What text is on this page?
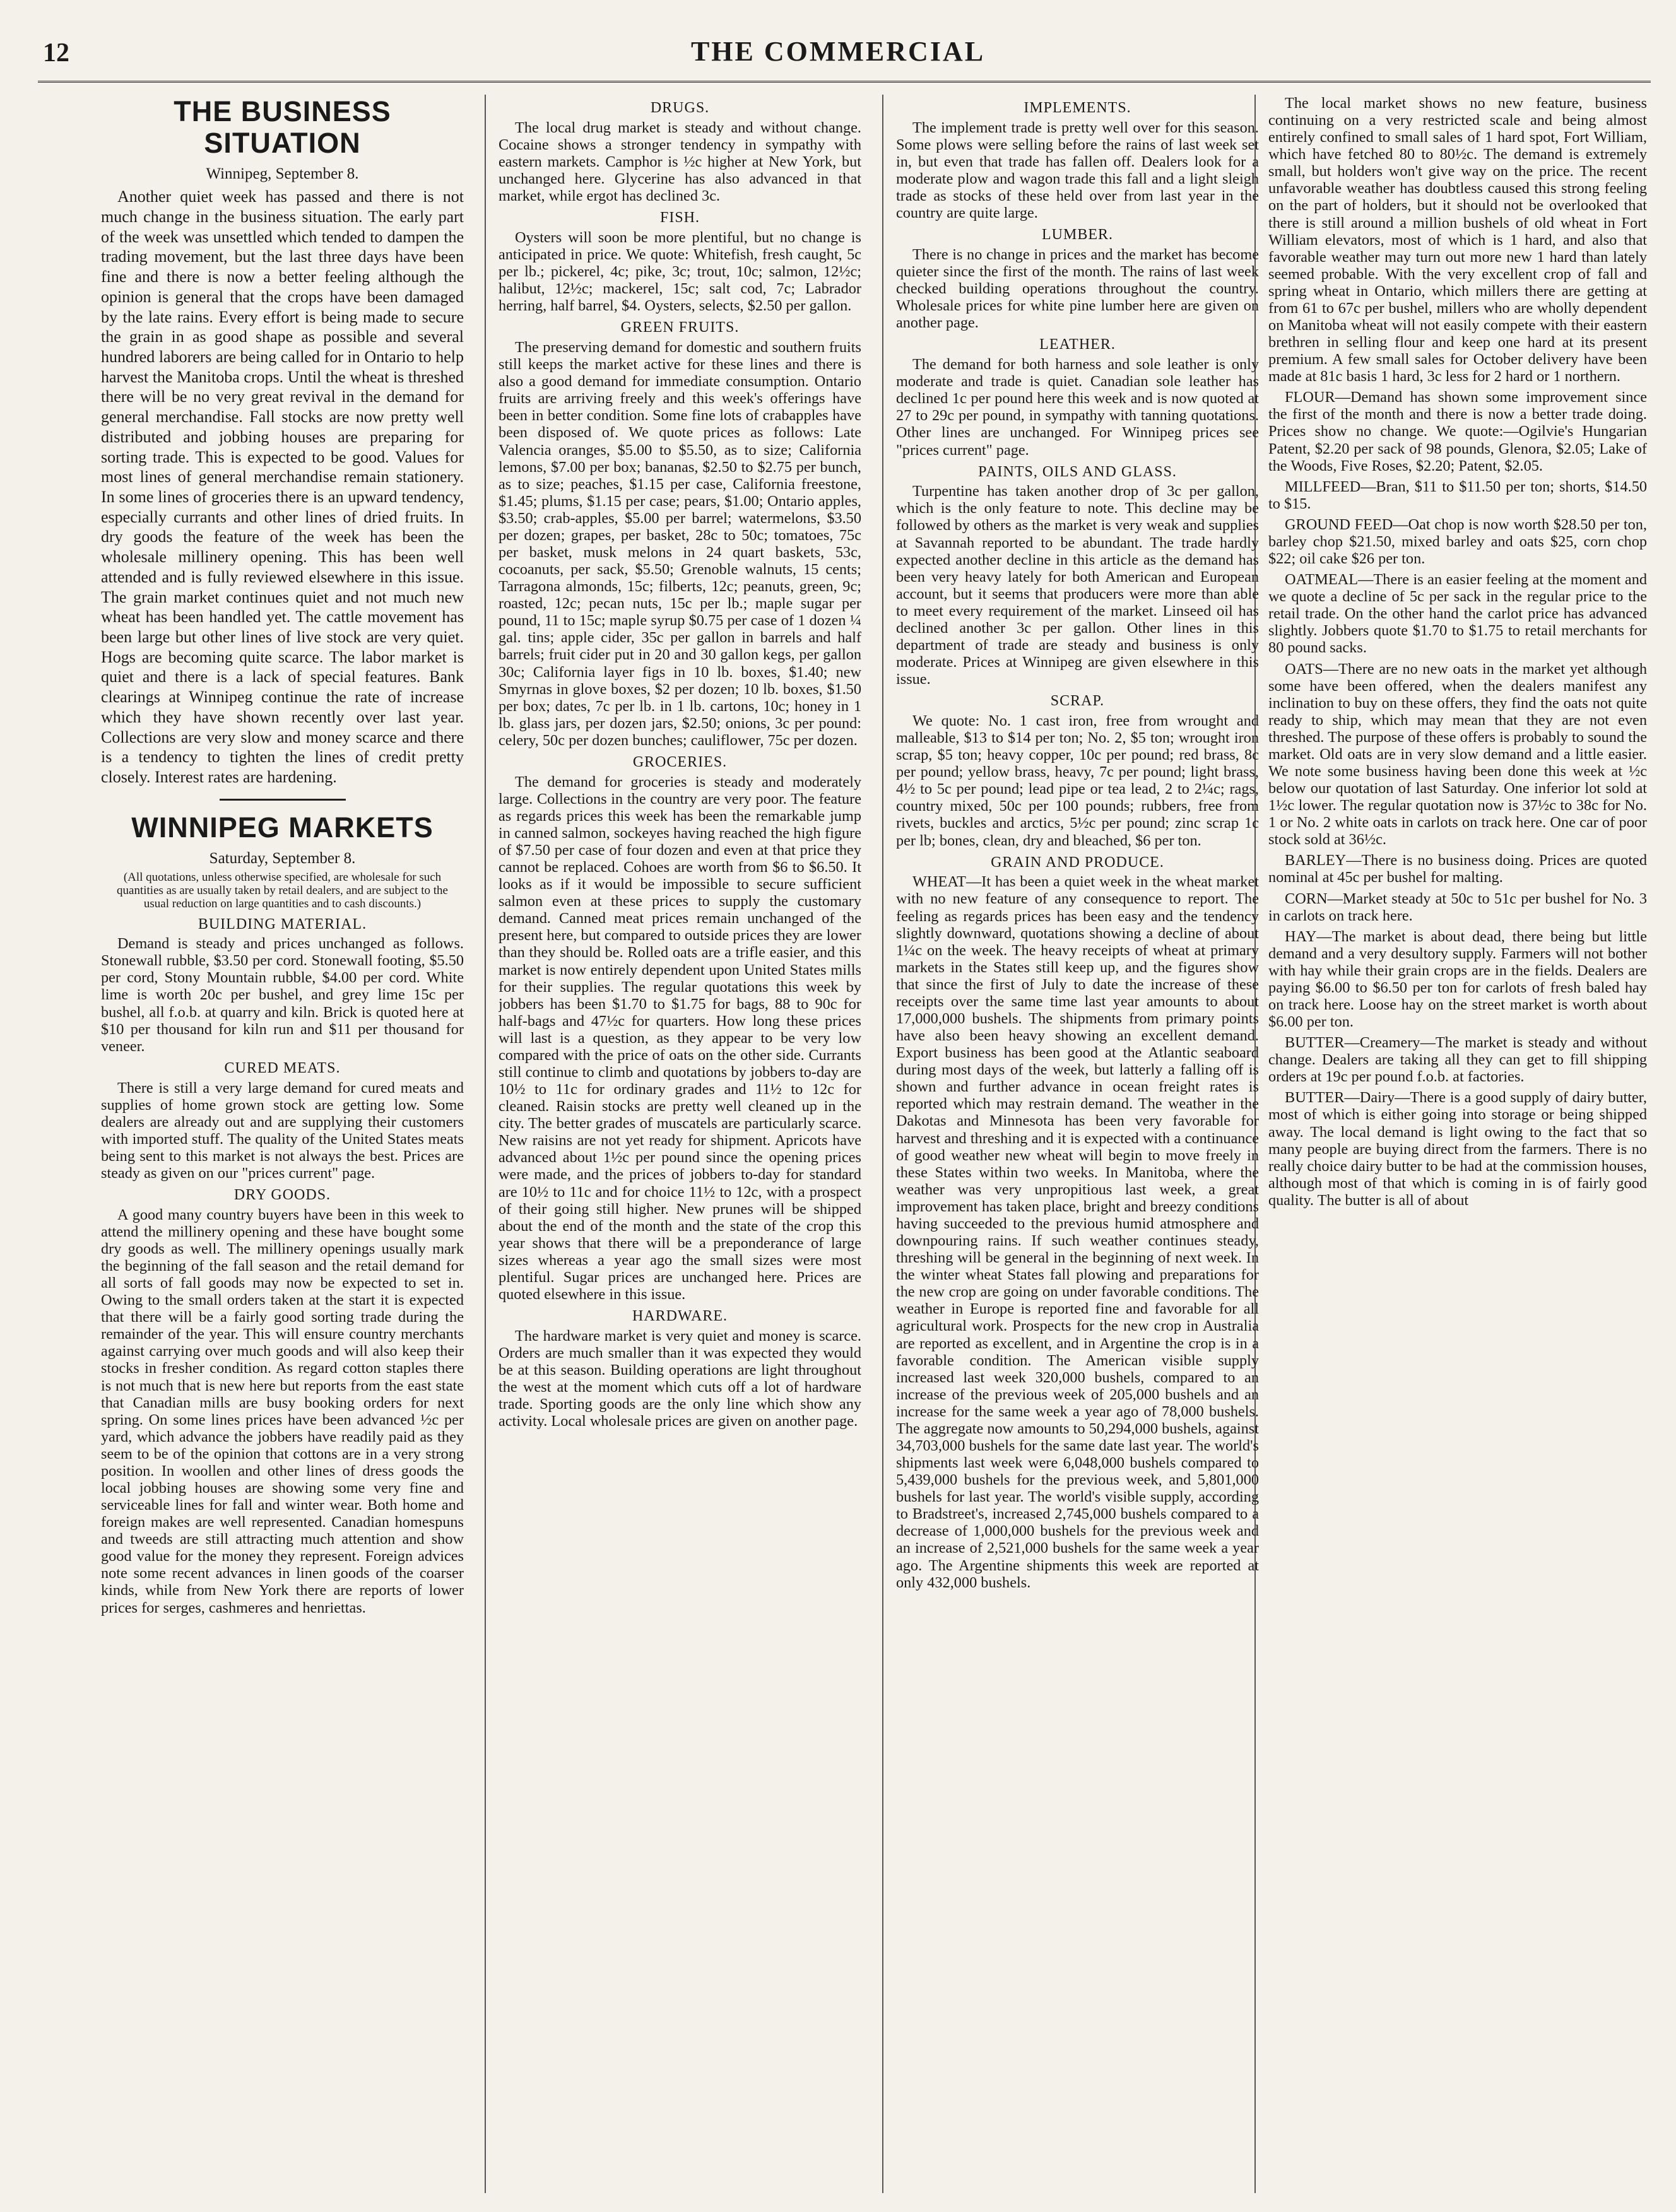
12	THE COMMERCIAL
THE BUSINESS SITUATION
Winnipeg, September 8.

Another quiet week has passed and there is not much change in the business situation. The early part of the week was unsettled which tended to dampen the trading movement, but the last three days have been fine and there is now a better feeling although the opinion is general that the crops have been damaged by the late rains. Every effort is being made to secure the grain in as good shape as possible and several hundred laborers are being called for in Ontario to help harvest the Manitoba crops. Until the wheat is threshed there will be no very great revival in the demand for general merchandise. Fall stocks are now pretty well distributed and jobbing houses are preparing for sorting trade. This is expected to be good. Values for most lines of general merchandise remain stationery. In some lines of groceries there is an upward tendency, especially currants and other lines of dried fruits. In dry goods the feature of the week has been the wholesale millinery opening. This has been well attended and is fully reviewed elsewhere in this issue. The grain market continues quiet and not much new wheat has been handled yet. The cattle movement has been large but other lines of live stock are very quiet. Hogs are becoming quite scarce. The labor market is quiet and there is a lack of special features. Bank clearings at Winnipeg continue the rate of increase which they have shown recently over last year. Collections are very slow and money scarce and there is a tendency to tighten the lines of credit pretty closely. Interest rates are hardening.

WINNIPEG MARKETS
Saturday, September 8.
(All quotations, unless otherwise specified, are wholesale for such quantities as are usually taken by retail dealers, and are subject to the usual reduction on large quantities and to cash discounts.)
BUILDING MATERIAL.

Demand is steady and prices unchanged as follows. Stonewall rubble, $3.50 per cord. Stonewall footing, $5.50 per cord, Stony Mountain rubble, $4.00 per cord. White lime is worth 20c per bushel, and grey lime 15c per bushel, all f.o.b. at quarry and kiln. Brick is quoted here at $10 per thousand for kiln run and $11 per thousand for veneer.

CURED MEATS.

There is still a very large demand for cured meats and supplies of home grown stock are getting low. Some dealers are already out and are supplying their customers with imported stuff. The quality of the United States meats being sent to this market is not always the best. Prices are steady as given on our "prices current" page.

DRY GOODS.

A good many country buyers have been in this week to attend the millinery opening and these have bought some dry goods as well. The millinery openings usually mark the beginning of the fall season and the retail demand for all sorts of fall goods may now be expected to set in. Owing to the small orders taken at the start it is expected that there will be a fairly good sorting trade during the remainder of the year. This will ensure country merchants against carrying over much goods and will also keep their stocks in fresher condition. As regard cotton staples there is not much that is new here but reports from the east state that Canadian mills are busy booking orders for next spring. On some lines prices have been advanced ½c per yard, which advance the jobbers have readily paid as they seem to be of the opinion that cottons are in a very strong position. In woollen and other lines of dress goods the local jobbing houses are showing some very fine and serviceable lines for fall and winter wear. Both home and foreign makes are well represented. Canadian homespuns and tweeds are still attracting much attention and show good value for the money they represent. Foreign advices note some recent advances in linen goods of the coarser kinds, while from New York there are reports of lower prices for serges, cashmeres and henriettas.

DRUGS.

The local drug market is steady and without change. Cocaine shows a stronger tendency in sympathy with eastern markets. Camphor is ½c higher at New York, but unchanged here. Glycerine has also advanced in that market, while ergot has declined 3c.

FISH.

Oysters will soon be more plentiful, but no change is anticipated in price. We quote: Whitefish, fresh caught, 5c per lb.; pickerel, 4c; pike, 3c; trout, 10c; salmon, 12½c; halibut, 12½c; mackerel, 15c; salt cod, 7c; Labrador herring, half barrel, $4. Oysters, selects, $2.50 per gallon.

GREEN FRUITS.

The preserving demand for domestic and southern fruits still keeps the market active for these lines and there is also a good demand for immediate consumption. Ontario fruits are arriving freely and this week's offerings have been in better condition. Some fine lots of crabapples have been disposed of. We quote prices as follows: Late Valencia oranges, $5.00 to $5.50, as to size; California lemons, $7.00 per box; bananas, $2.50 to $2.75 per bunch, as to size; peaches, $1.15 per case, California freestone, $1.45; plums, $1.15 per case; pears, $1.00; Ontario apples, $3.50; crab-apples, $5.00 per barrel; watermelons, $3.50 per dozen; grapes, per basket, 28c to 50c; tomatoes, 75c per basket, musk melons in 24 quart baskets, 53c, cocoanuts, per sack, $5.50; Grenoble walnuts, 15 cents; Tarragona almonds, 15c; filberts, 12c; peanuts, green, 9c; roasted, 12c; pecan nuts, 15c per lb.; maple sugar per pound, 11 to 15c; maple syrup $0.75 per case of 1 dozen ¼ gal. tins; apple cider, 35c per gallon in barrels and half barrels; fruit cider put in 20 and 30 gallon kegs, per gallon 30c; California layer figs in 10 lb. boxes, $1.40; new Smyrnas in glove boxes, $2 per dozen; 10 lb. boxes, $1.50 per box; dates, 7c per lb. in 1 lb. cartons, 10c; honey in 1 lb. glass jars, per dozen jars, $2.50; onions, 3c per pound: celery, 50c per dozen bunches; cauliflower, 75c per dozen.

GROCERIES.

The demand for groceries is steady and moderately large. Collections in the country are very poor. The feature as regards prices this week has been the remarkable jump in canned salmon, sockeyes having reached the high figure of $7.50 per case of four dozen and even at that price they cannot be replaced. Cohoes are worth from $6 to $6.50. It looks as if it would be impossible to secure sufficient salmon even at these prices to supply the customary demand. Canned meat prices remain unchanged of the present here, but compared to outside prices they are lower than they should be. Rolled oats are a trifle easier, and this market is now entirely dependent upon United States mills for their supplies. The regular quotations this week by jobbers has been $1.70 to $1.75 for bags, 88 to 90c for half-bags and 47½c for quarters. How long these prices will last is a question, as they appear to be very low compared with the price of oats on the other side. Currants still continue to climb and quotations by jobbers to-day are 10½ to 11c for ordinary grades and 11½ to 12c for cleaned. Raisin stocks are pretty well cleaned up in the city. The better grades of muscatels are particularly scarce. New raisins are not yet ready for shipment. Apricots have advanced about 1½c per pound since the opening prices were made, and the prices of jobbers to-day for standard are 10½ to 11c and for choice 11½ to 12c, with a prospect of their going still higher. New prunes will be shipped about the end of the month and the state of the crop this year shows that there will be a preponderance of large sizes whereas a year ago the small sizes were most plentiful. Sugar prices are unchanged here. Prices are quoted elsewhere in this issue.

HARDWARE.

The hardware market is very quiet and money is scarce. Orders are much smaller than it was expected they would be at this season. Building operations are light throughout the west at the moment which cuts off a lot of hardware trade. Sporting goods are the only line which show any activity. Local wholesale prices are given on another page.

IMPLEMENTS.

The implement trade is pretty well over for this season. Some plows were selling before the rains of last week set in, but even that trade has fallen off. Dealers look for a moderate plow and wagon trade this fall and a light sleigh trade as stocks of these held over from last year in the country are quite large.

LUMBER.

There is no change in prices and the market has become quieter since the first of the month. The rains of last week checked building operations throughout the country. Wholesale prices for white pine lumber here are given on another page.

LEATHER.

The demand for both harness and sole leather is only moderate and trade is quiet. Canadian sole leather has declined 1c per pound here this week and is now quoted at 27 to 29c per pound, in sympathy with tanning quotations. Other lines are unchanged. For Winnipeg prices see "prices current" page.

PAINTS, OILS AND GLASS.

Turpentine has taken another drop of 3c per gallon, which is the only feature to note. This decline may be followed by others as the market is very weak and supplies at Savannah reported to be abundant. The trade hardly expected another decline in this article as the demand has been very heavy lately for both American and European account, but it seems that producers were more than able to meet every requirement of the market. Linseed oil has declined another 3c per gallon. Other lines in this department of trade are steady and business is only moderate. Prices at Winnipeg are given elsewhere in this issue.

SCRAP.

We quote: No. 1 cast iron, free from wrought and malleable, $13 to $14 per ton; No. 2, $5 ton; wrought iron scrap, $5 ton; heavy copper, 10c per pound; red brass, 8c per pound; yellow brass, heavy, 7c per pound; light brass, 4½ to 5c per pound; lead pipe or tea lead, 2 to 2¼c; rags, country mixed, 50c per 100 pounds; rubbers, free from rivets, buckles and arctics, 5½c per pound; zinc scrap 1c per lb; bones, clean, dry and bleached, $6 per ton.

GRAIN AND PRODUCE.

WHEAT—It has been a quiet week in the wheat market with no new feature of any consequence to report. The feeling as regards prices has been easy and the tendency slightly downward, quotations showing a decline of about 1¼c on the week. The heavy receipts of wheat at primary markets in the States still keep up, and the figures show that since the first of July to date the increase of these receipts over the same time last year amounts to about 17,000,000 bushels. The shipments from primary points have also been heavy showing an excellent demand. Export business has been good at the Atlantic seaboard during most days of the week, but latterly a falling off is shown and further advance in ocean freight rates is reported which may restrain demand. The weather in the Dakotas and Minnesota has been very favorable for harvest and threshing and it is expected with a continuance of good weather new wheat will begin to move freely in these States within two weeks. In Manitoba, where the weather was very unpropitious last week, a great improvement has taken place, bright and breezy conditions having succeeded to the previous humid atmosphere and downpouring rains. If such weather continues steady, threshing will be general in the beginning of next week. In the winter wheat States fall plowing and preparations for the new crop are going on under favorable conditions. The weather in Europe is reported fine and favorable for all agricultural work. Prospects for the new crop in Australia are reported as excellent, and in Argentine the crop is in a favorable condition. The American visible supply increased last week 320,000 bushels, compared to an increase of the previous week of 205,000 bushels and an increase for the same week a year ago of 78,000 bushels. The aggregate now amounts to 50,294,000 bushels, against 34,703,000 bushels for the same date last year. The world's shipments last week were 6,048,000 bushels compared to 5,439,000 bushels for the previous week, and 5,801,000 bushels for last year. The world's visible supply, according to Bradstreet's, increased 2,745,000 bushels compared to a decrease of 1,000,000 bushels for the previous week and an increase of 2,521,000 bushels for the same week a year ago. The Argentine shipments this week are reported at only 432,000 bushels.

The local market shows no new feature, business continuing on a very restricted scale and being almost entirely confined to small sales of 1 hard spot, Fort William, which have fetched 80 to 80½c. The demand is extremely small, but holders won't give way on the price. The recent unfavorable weather has doubtless caused this strong feeling on the part of holders, but it should not be overlooked that there is still around a million bushels of old wheat in Fort William elevators, most of which is 1 hard, and also that favorable weather may turn out more new 1 hard than lately seemed probable. With the very excellent crop of fall and spring wheat in Ontario, which millers there are getting at from 61 to 67c per bushel, millers who are wholly dependent on Manitoba wheat will not easily compete with their eastern brethren in selling flour and keep one hard at its present premium. A few small sales for October delivery have been made at 81c basis 1 hard, 3c less for 2 hard or 1 northern.

FLOUR—Demand has shown some improvement since the first of the month and there is now a better trade doing. Prices show no change. We quote:—Ogilvie's Hungarian Patent, $2.20 per sack of 98 pounds, Glenora, $2.05; Lake of the Woods, Five Roses, $2.20; Patent, $2.05.

MILLFEED—Bran, $11 to $11.50 per ton; shorts, $14.50 to $15.

GROUND FEED—Oat chop is now worth $28.50 per ton, barley chop $21.50, mixed barley and oats $25, corn chop $22; oil cake $26 per ton.

OATMEAL—There is an easier feeling at the moment and we quote a decline of 5c per sack in the regular price to the retail trade. On the other hand the carlot price has advanced slightly. Jobbers quote $1.70 to $1.75 to retail merchants for 80 pound sacks.

OATS—There are no new oats in the market yet although some have been offered, when the dealers manifest any inclination to buy on these offers, they find the oats not quite ready to ship, which may mean that they are not even threshed. The purpose of these offers is probably to sound the market. Old oats are in very slow demand and a little easier. We note some business having been done this week at ½c below our quotation of last Saturday. One inferior lot sold at 1½c lower. The regular quotation now is 37½c to 38c for No. 1 or No. 2 white oats in carlots on track here. One car of poor stock sold at 36½c.

BARLEY—There is no business doing. Prices are quoted nominal at 45c per bushel for malting.

CORN—Market steady at 50c to 51c per bushel for No. 3 in carlots on track here.

HAY—The market is about dead, there being but little demand and a very desultory supply. Farmers will not bother with hay while their grain crops are in the fields. Dealers are paying $6.00 to $6.50 per ton for carlots of fresh baled hay on track here. Loose hay on the street market is worth about $6.00 per ton.

BUTTER—Creamery—The market is steady and without change. Dealers are taking all they can get to fill shipping orders at 19c per pound f.o.b. at factories.

BUTTER—Dairy—There is a good supply of dairy butter, most of which is either going into storage or being shipped away. The local demand is light owing to the fact that so many people are buying direct from the farmers. There is no really choice dairy butter to be had at the commission houses, although most of that which is coming in is of fairly good quality. The butter is all of about
